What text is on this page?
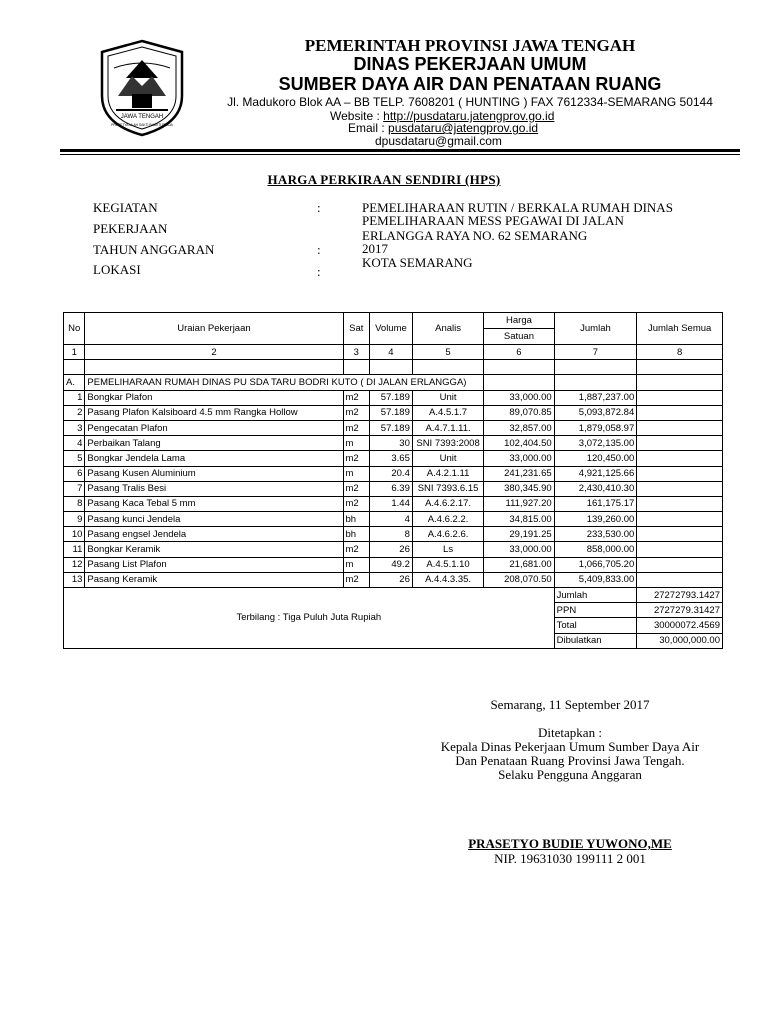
JAWA TENGAH
PRASETYA ULAH SAKTI BHAKTI PRAJA
PEMERINTAH PROVINSI JAWA TENGAH
DINAS PEKERJAAN UMUM
SUMBER DAYA AIR DAN PENATAAN RUANG
Jl. Madukoro Blok AA – BB TELP. 7608201 ( HUNTING ) FAX 7612334-SEMARANG 50144
Website : http://pusdataru.jatengprov.go.id
Email : pusdataru@jatengprov.go.id
dpusdataru@gmail.com
HARGA PERKIRAAN SENDIRI (HPS)
KEGIATAN	:	PEMELIHARAAN RUTIN / BERKALA RUMAH DINAS
PEKERJAAN
PEMELIHARAAN MESS PEGAWAI DI JALAN
ERLANGGA RAYA NO. 62 SEMARANG
TAHUN ANGGARAN	:	2017
LOKASI	:
KOTA SEMARANG
No	Uraian Pekerjaan	Sat	Volume	Analis	Harga	Jumlah	Jumlah Semua
					Satuan		
1	2	3	4	5	6	7	8

A.	PEMELIHARAAN RUMAH DINAS PU SDA TARU BODRI KUTO ( DI JALAN ERLANGGA)						
1	Bongkar Plafon	m2	57.189	Unit	33,000.00	1,887,237.00	
2	Pasang Plafon Kalsiboard 4.5 mm Rangka Hollow	m2	57.189	A.4.5.1.7	89,070.85	5,093,872.84	
3	Pengecatan Plafon	m2	57.189	A.4.7.1.11.	32,857.00	1,879,058.97	
4	Perbaikan Talang	m	30	SNI 7393:2008	102,404.50	3,072,135.00	
5	Bongkar Jendela Lama	m2	3.65	Unit	33,000.00	120,450.00	
6	Pasang Kusen Aluminium	m	20.4	A.4.2.1.11	241,231.65	4,921,125.66	
7	Pasang Tralis Besi	m2	6.39	SNI 7393.6.15	380,345.90	2,430,410.30	
8	Pasang Kaca Tebal 5 mm	m2	1.44	A.4.6.2.17.	111,927.20	161,175.17	
9	Pasang kunci Jendela	bh	4	A.4.6.2.2.	34,815.00	139,260.00	
10	Pasang engsel Jendela	bh	8	A.4.6.2.6.	29,191.25	233,530.00	
11	Bongkar Keramik	m2	26	Ls	33,000.00	858,000.00	
12	Pasang List Plafon	m	49.2	A.4.5.1.10	21,681.00	1,066,705.20	
13	Pasang Keramik	m2	26	A.4.4.3.35.	208,070.50	5,409,833.00	
Terbilang : Tiga Puluh Juta Rupiah						Jumlah	27272793.1427
						PPN	2727279.31427
						Total	30000072.4569
						Dibulatkan	30,000,000.00
Semarang, 11 September 2017
Ditetapkan :
Kepala Dinas Pekerjaan Umum Sumber Daya Air
Dan Penataan Ruang Provinsi Jawa Tengah.
Selaku Pengguna Anggaran
PRASETYO BUDIE YUWONO,ME
NIP. 19631030 199111 2 001
